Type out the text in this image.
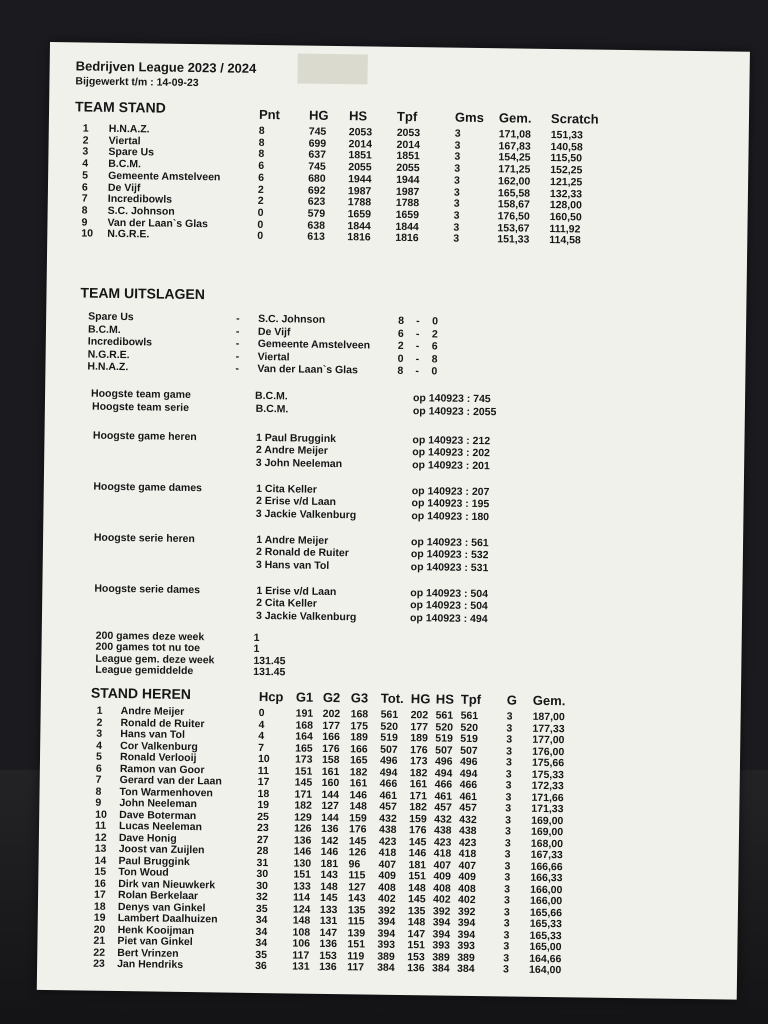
Bedrijven League 2023 / 2024
Bijgewerkt t/m : 14-09-23
TEAM STAND	Pnt HG HS Tpf	Gms Gem. Scratch
1 H.N.A.Z.	8	745 2053 2053	3	171,08 151,33
2 Viertal	8	699 2014 2014	3	167,83 140,58
3 Spare Us	8	637 1851 1851	3	154,25 115,50
4 B.C.M.	6	745 2055 2055	3	171,25 152,25
5 Gemeente Amstelveen	6	680 1944 1944	3	162,00 121,25
6 De Vijf	2	692 1987 1987	3	165,58 132,33
7 Incredibowls	2	623 1788 1788	3	158,67 128,00
8 S.C. Johnson	0	579 1659 1659	3	176,50 160,50
9 Van der Laan`s Glas	0	638 1844 1844	3	153,67 111,92
10 N.G.R.E.	0	613 1816 1816	3	151,33 114,58
TEAM UITSLAGEN
Spare Us	- S.C. Johnson	8 - 0
B.C.M.	- De Vijf	6 - 2
Incredibowls	- Gemeente Amstelveen	2 - 6
N.G.R.E.	- Viertal	0 - 8
H.N.A.Z.	- Van der Laan`s Glas	8 - 0
Hoogste team game	B.C.M.	op 140923 : 745
Hoogste team serie	B.C.M.	op 140923 : 2055
Hoogste game heren	1 Paul Bruggink	op 140923 : 212
2 Andre Meijer	op 140923 : 202
3 John Neeleman	op 140923 : 201
Hoogste game dames	1 Cita Keller	op 140923 : 207
2 Erise v/d Laan	op 140923 : 195
3 Jackie Valkenburg	op 140923 : 180
Hoogste serie heren	1 Andre Meijer	op 140923 : 561
2 Ronald de Ruiter	op 140923 : 532
3 Hans van Tol	op 140923 : 531
Hoogste serie dames	1 Erise v/d Laan	op 140923 : 504
2 Cita Keller	op 140923 : 504
3 Jackie Valkenburg	op 140923 : 494
200 games deze week	1
200 games tot nu toe	1
League gem. deze week	131.45
League gemiddelde	131.45
STAND HEREN	Hcp G1 G2 G3 Tot. HG HS Tpf G Gem.
1 Andre Meijer	0	191 202 168 561 202 561 561	3 187,00
2 Ronald de Ruiter	4	168 177 175 520 177 520 520	3 177,33
3 Hans van Tol	4	164 166 189 519 189 519 519	3 177,00
4 Cor Valkenburg	7	165 176 166 507 176 507 507	3 176,00
5 Ronald Verlooij	10 173 158 165 496 173 496 496	3 175,66
6 Ramon van Goor	11 151 161 182 494 182 494 494	3 175,33
7 Gerard van der Laan	17 145 160 161 466 161 466 466	3 172,33
8 Ton Warmenhoven	18 171 144 146 461 171 461 461	3 171,66
9 John Neeleman	19 182 127 148 457 182 457 457	3 171,33
10 Dave Boterman	25 129 144 159 432 159 432 432	3 169,00
11 Lucas Neeleman	23 126 136 176 438 176 438 438	3 169,00
12 Dave Honig	27 136 142 145 423 145 423 423	3 168,00
13 Joost van Zuijlen	28 146 146 126 418 146 418 418	3 167,33
14 Paul Bruggink	31 130 181 96 407 181 407 407	3 166,66
15 Ton Woud	30 151 143 115 409 151 409 409	3 166,33
16 Dirk van Nieuwkerk	30 133 148 127 408 148 408 408	3 166,00
17 Rolan Berkelaar	32 114 145 143 402 145 402 402	3 166,00
18 Denys van Ginkel	35 124 133 135 392 135 392 392	3 165,66
19 Lambert Daalhuizen	34 148 131 115 394 148 394 394	3 165,33
20 Henk Kooijman	34 108 147 139 394 147 394 394	3 165,33
21 Piet van Ginkel	34 106 136 151 393 151 393 393	3 165,00
22 Bert Vrinzen	35 117 153 119 389 153 389 389	3 164,66
23 Jan Hendriks	36 131 136 117 384 136 384 384	3 164,00
